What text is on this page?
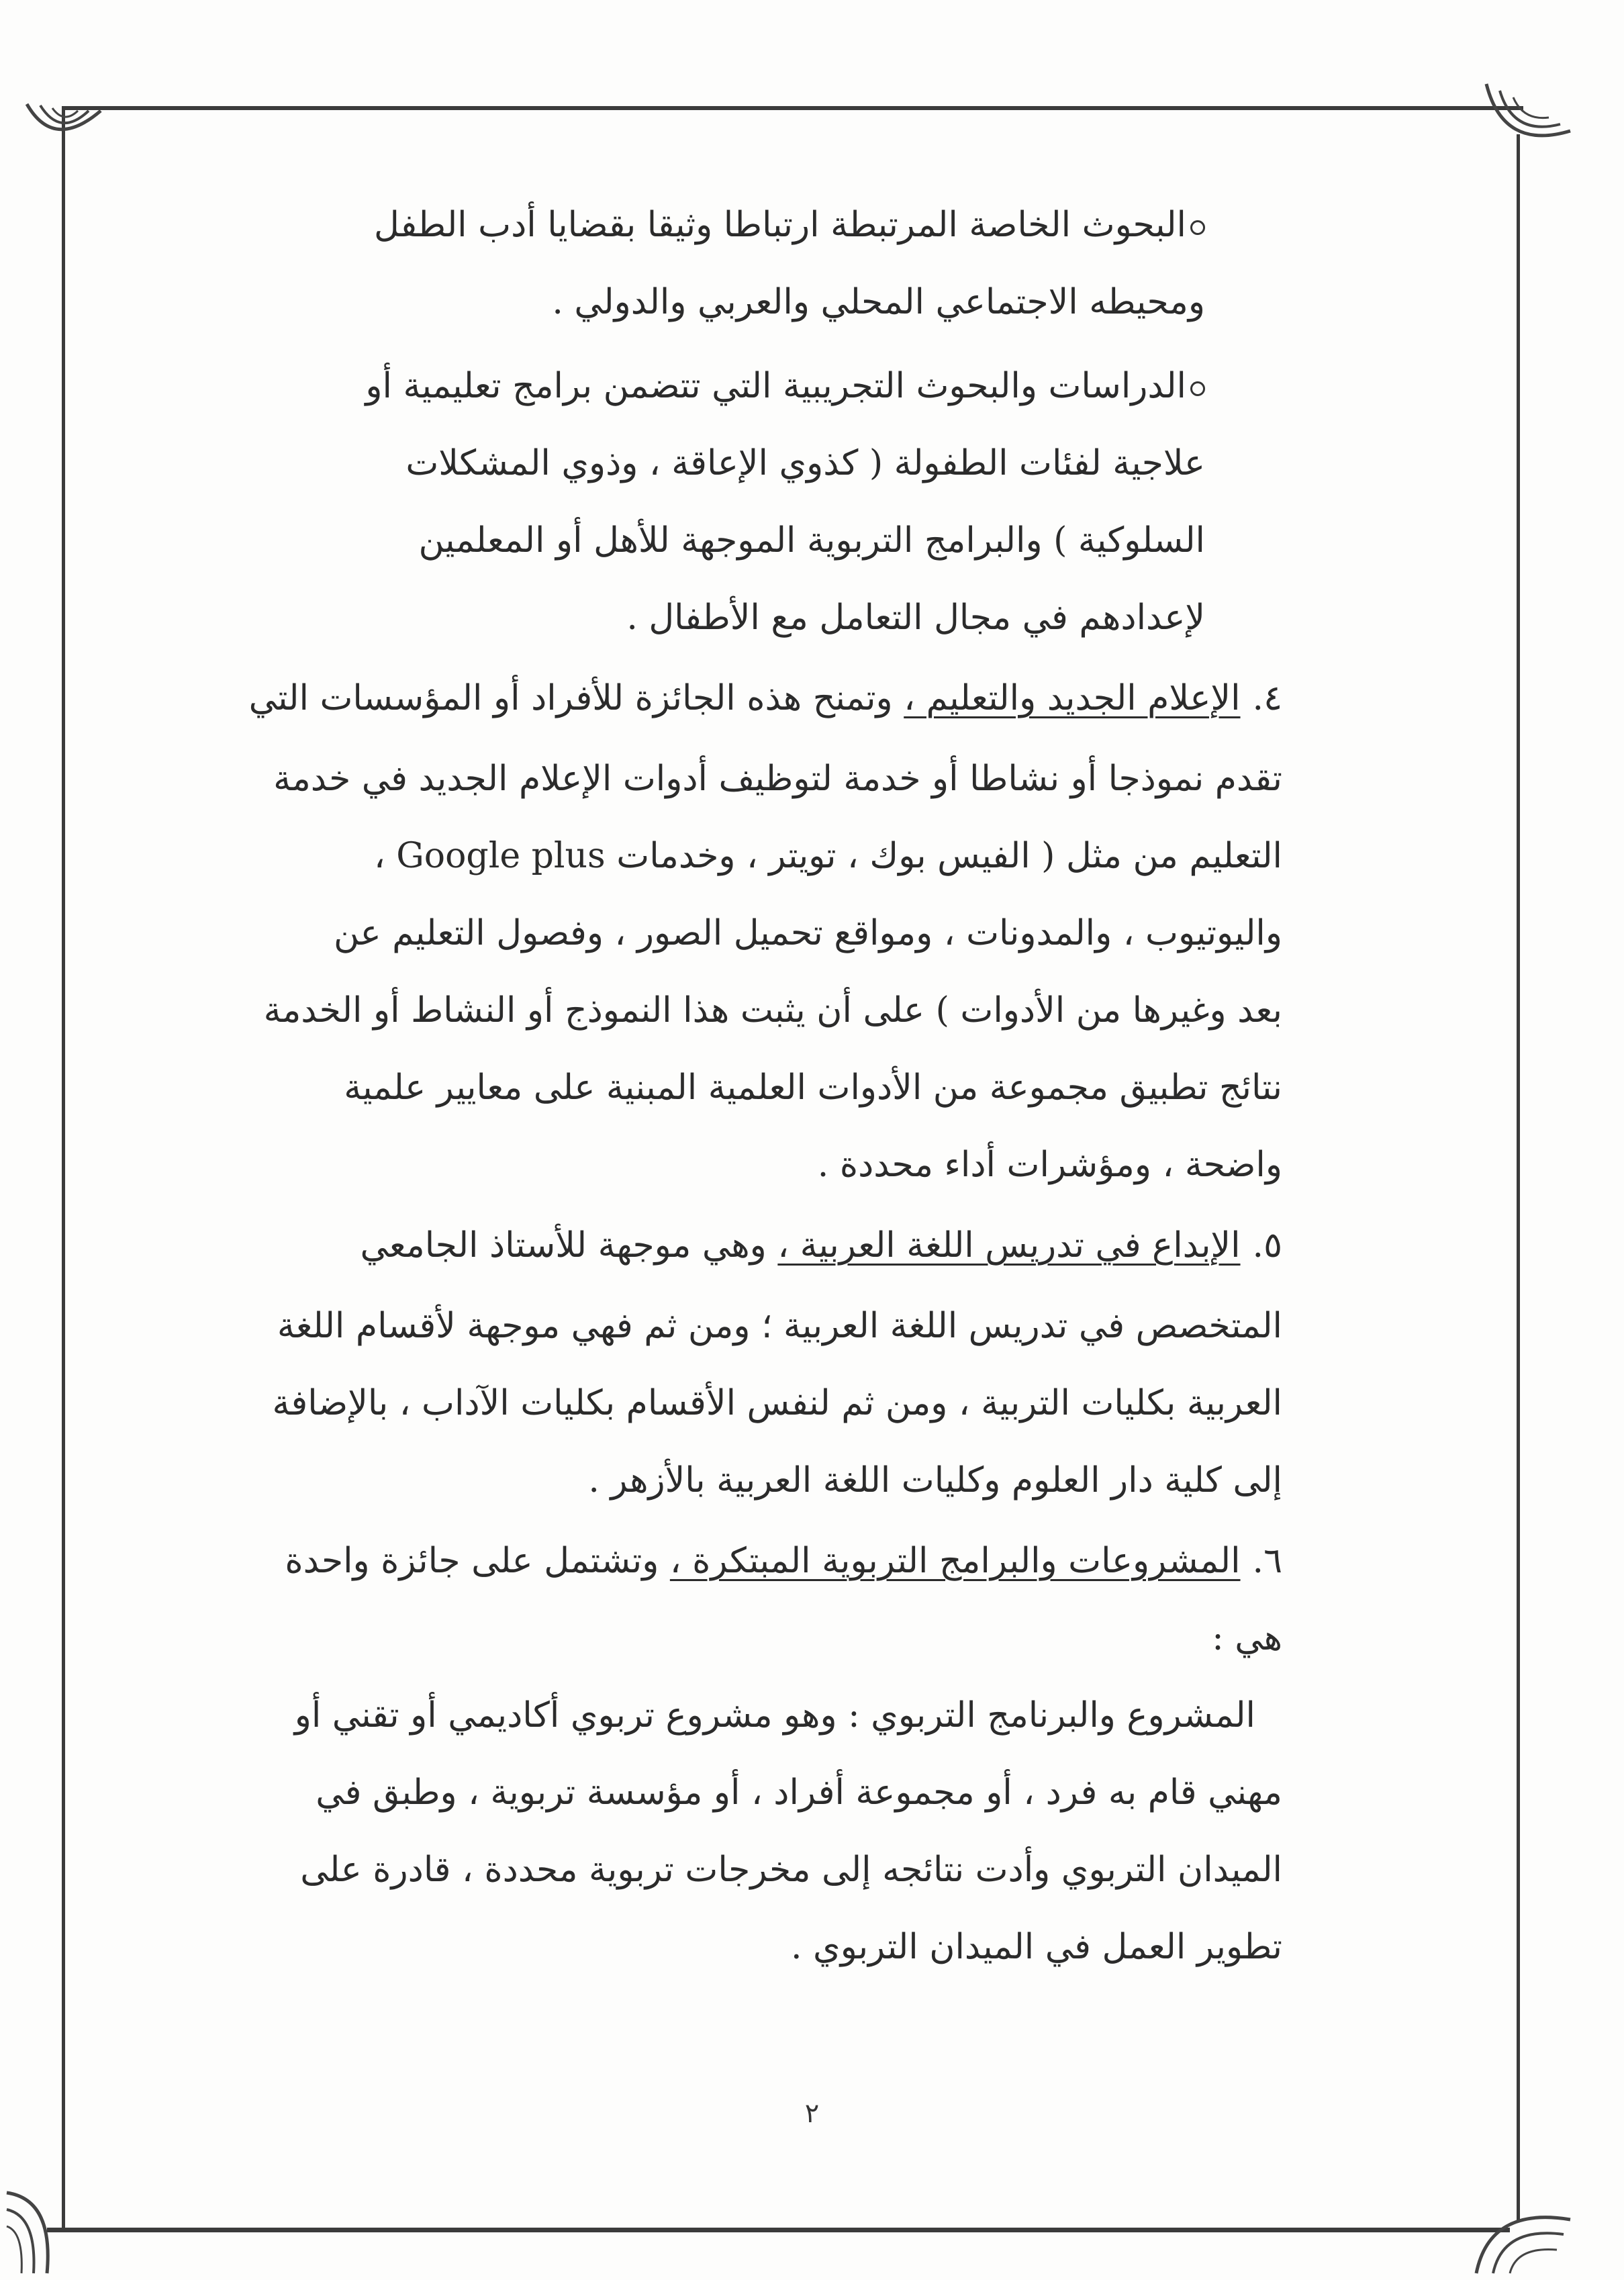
البحوث الخاصة المرتبطة ارتباطا وثيقا بقضايا أدب الطفل
ومحيطه الاجتماعي المحلي والعربي والدولي .
الدراسات والبحوث التجريبية التي تتضمن برامج تعليمية أو
علاجية لفئات الطفولة ( كذوي الإعاقة ، وذوي المشكلات
السلوكية ) والبرامج التربوية الموجهة للأهل أو المعلمين
لإعدادهم في مجال التعامل مع الأطفال .
٤.الإعلام الجديد والتعليم ، وتمنح هذه الجائزة للأفراد أو المؤسسات التي
تقدم نموذجا أو نشاطا أو خدمة لتوظيف أدوات الإعلام الجديد في خدمة
التعليم من مثل ( الفيس بوك ، تويتر ، وخدمات Google plus ،
واليوتيوب ، والمدونات ، ومواقع تحميل الصور ، وفصول التعليم عن
بعد وغيرها من الأدوات ) على أن يثبت هذا النموذج أو النشاط أو الخدمة
نتائج تطبيق مجموعة من الأدوات العلمية المبنية على معايير علمية
واضحة ، ومؤشرات أداء محددة .
٥.الإبداع في تدريس اللغة العربية ، وهي موجهة للأستاذ الجامعي
المتخصص في تدريس اللغة العربية ؛ ومن ثم فهي موجهة لأقسام اللغة
العربية بكليات التربية ، ومن ثم لنفس الأقسام بكليات الآداب ، بالإضافة
إلى كلية دار العلوم وكليات اللغة العربية بالأزهر .
٦.المشروعات والبرامج التربوية المبتكرة ، وتشتمل على جائزة واحدة
هي :
المشروع والبرنامج التربوي : وهو مشروع تربوي أكاديمي أو تقني أو
مهني قام به فرد ، أو مجموعة أفراد ، أو مؤسسة تربوية ، وطبق في
الميدان التربوي وأدت نتائجه إلى مخرجات تربوية محددة ، قادرة على
تطوير العمل في الميدان التربوي .
٢
